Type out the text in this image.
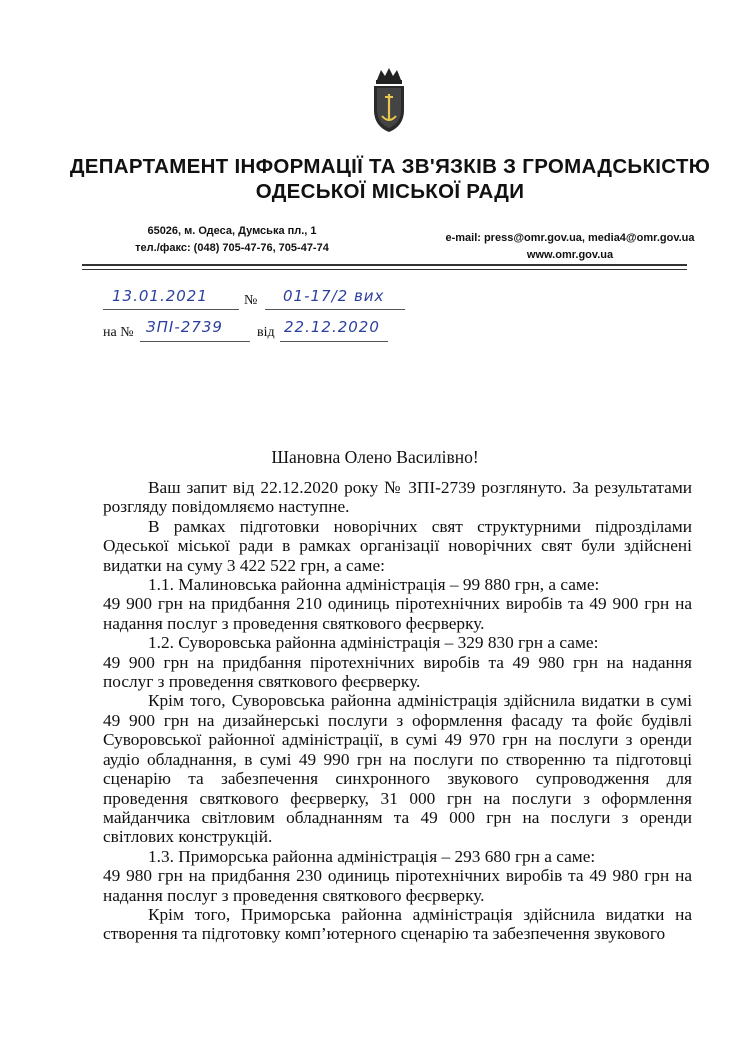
ДЕПАРТАМЕНТ ІНФОРМАЦІЇ ТА ЗВ'ЯЗКІВ З ГРОМАДСЬКІСТЮ
ОДЕСЬКОЇ МІСЬКОЇ РАДИ
65026, м. Одеса, Думська пл., 1
тел./факс: (048) 705-47-76, 705-47-74
e-mail: press@omr.gov.ua, media4@omr.gov.ua
www.omr.gov.ua
13.01.2021	№ 01-17/2 вих
на № ЗПІ-2739 від 22.12.2020
Шановна Олено Василівно!

Ваш запит від 22.12.2020 року № ЗПІ-2739 розглянуто. За результатами розгляду повідомляємо наступне.

В рамках підготовки новорічних свят структурними підрозділами Одеської міської ради в рамках організації новорічних свят були здійснені видатки на суму 3 422 522 грн, а саме:

1.1. Малиновська районна адміністрація – 99 880 грн, а саме:

49 900 грн на придбання 210 одиниць піротехнічних виробів та 49 900 грн на надання послуг з проведення святкового феєрверку.

1.2. Суворовська районна адміністрація – 329 830 грн а саме:

49 900 грн на придбання піротехнічних виробів та 49 980 грн на надання послуг з проведення святкового феєрверку.

Крім того, Суворовська районна адміністрація здійснила видатки в сумі 49 900 грн на дизайнерські послуги з оформлення фасаду та фойє будівлі Суворовської районної адміністрації, в сумі 49 970 грн на послуги з оренди аудіо обладнання, в сумі 49 990 грн на послуги по створенню та підготовці сценарію та забезпечення синхронного звукового супроводження для проведення святкового феєрверку, 31 000 грн на послуги з оформлення майданчика світловим обладнанням та 49 000 грн на послуги з оренди світлових конструкцій.

1.3. Приморська районна адміністрація – 293 680 грн а саме:

49 980 грн на придбання 230 одиниць піротехнічних виробів та 49 980 грн на надання послуг з проведення святкового феєрверку.

Крім того, Приморська районна адміністрація здійснила видатки на створення та підготовку комп’ютерного сценарію та забезпечення звукового
